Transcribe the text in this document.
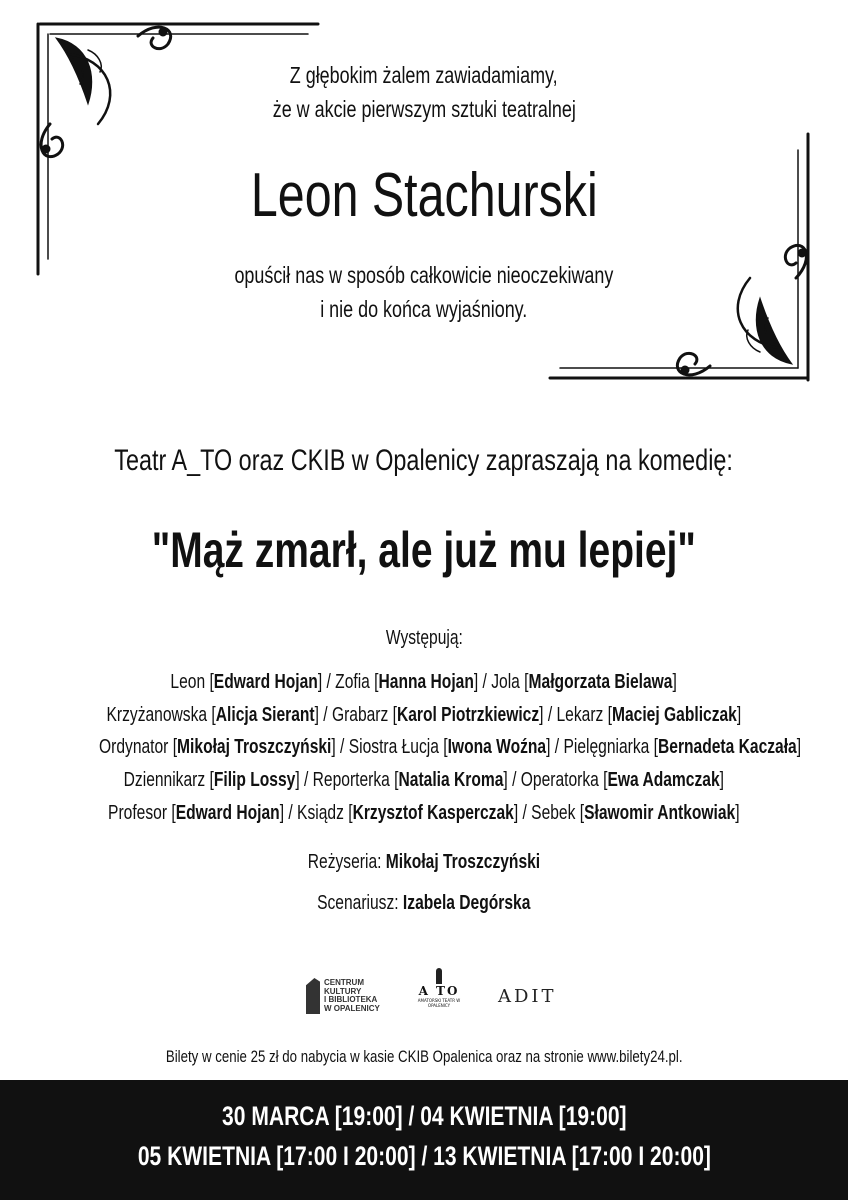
Z głębokim żalem zawiadamiamy,
że w akcie pierwszym sztuki teatralnej
Leon Stachurski
opuścił nas w sposób całkowicie nieoczekiwany
i nie do końca wyjaśniony.
Teatr A_TO oraz CKIB w Opalenicy zapraszają na komedię:
"Mąż zmarł, ale już mu lepiej"
Występują:
Leon [Edward Hojan] / Zofia [Hanna Hojan] / Jola [Małgorzata Bielawa]
Krzyżanowska [Alicja Sierant] / Grabarz [Karol Piotrzkiewicz] / Lekarz [Maciej Gabliczak]
Ordynator [Mikołaj Troszczyński] / Siostra Łucja [Iwona Woźna] / Pielęgniarka [Bernadeta Kaczała]
Dziennikarz [Filip Lossy] / Reporterka [Natalia Kroma] / Operatorka [Ewa Adamczak]
Profesor [Edward Hojan] / Ksiądz [Krzysztof Kasperczak] / Sebek [Sławomir Antkowiak]
Reżyseria: Mikołaj Troszczyński
Scenariusz: Izabela Degórska
CENTRUM
KULTURY
I BIBLIOTEKA
W OPALENICY
A TO
AMATORSKI TEATR W OPALENICY	ADIT
Bilety w cenie 25 zł do nabycia w kasie CKIB Opalenica oraz na stronie www.bilety24.pl.
30 MARCA [19:00] / 04 KWIETNIA [19:00]
05 KWIETNIA [17:00 I 20:00] / 13 KWIETNIA [17:00 I 20:00]
